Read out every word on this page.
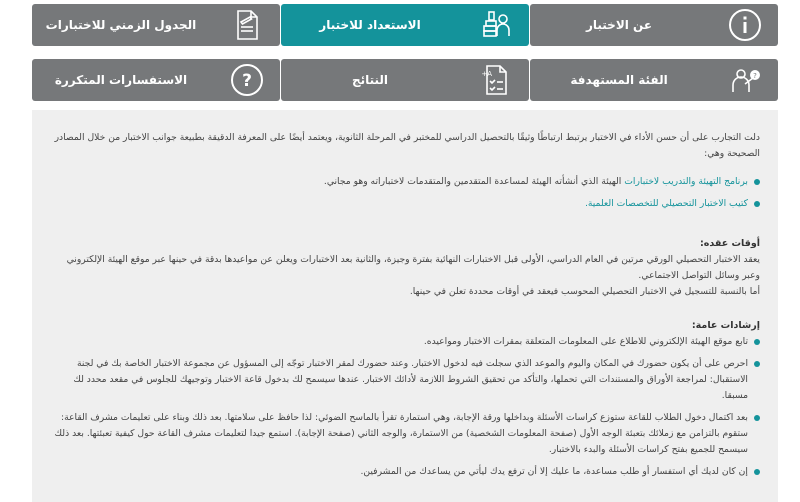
عن الاختبار
الاستعداد للاختبار
الجدول الزمني للاختبارات
?
الفئة المستهدفة
A+
النتائج
?
الاستفسارات المتكررة

دلت التجارب على أن حسن الأداء في الاختبار يرتبط ارتباطًا وثيقًا بالتحصيل الدراسي للمختبر في المرحلة الثانوية، ويعتمد أيضًا على المعرفة الدقيقة بطبيعة جوانب الاختبار من خلال المصادر الصحيحة وهي:

برنامج التهيئة والتدريب لاختبارات الهيئة الذي أنشأته الهيئة لمساعدة المتقدمين والمتقدمات لاختباراته وهو مجاني.
كتيب الاختبار التحصيلي للتخصصات العلمية.

أوقات عقده:

يعقد الاختبار التحصيلي الورقي مرتين في العام الدراسي، الأولى قبل الاختبارات النهائية بفترة وجيزة، والثانية بعد الاختبارات ويعلن عن مواعيدها بدقة في حينها عبر موقع الهيئة الإلكتروني وعبر وسائل التواصل الاجتماعي.

أما بالنسبة للتسجيل في الاختبار التحصيلي المحوسب فيعقد في أوقات محددة تعلن في حينها.

إرشادات عامة:

تابع موقع الهيئة الإلكتروني للاطلاع على المعلومات المتعلقة بمقرات الاختبار ومواعيده.
احرص على أن يكون حضورك في المكان واليوم والموعد الذي سجلت فيه لدخول الاختبار. وعند حضورك لمقر الاختبار توجّه إلى المسؤول عن مجموعة الاختبار الخاصة بك في لجنة الاستقبال: لمراجعة الأوراق والمستندات التي تحملها، والتأكد من تحقيق الشروط اللازمة لأدائك الاختبار. عندها سيسمح لك بدخول قاعة الاختبار وتوجيهك للجلوس في مقعد محدد لك مسبقا.
بعد اكتمال دخول الطلاب للقاعة ستوزع كراسات الأسئلة وبداخلها ورقة الإجابة، وهي استمارة تقرأ بالماسح الضوئي: لذا حافظ على سلامتها. بعد ذلك وبناء على تعليمات مشرف القاعة: ستقوم بالتزامن مع زملائك بتعبئة الوجه الأول (صفحة المعلومات الشخصية) من الاستمارة، والوجه الثاني (صفحة الإجابة). استمع جيدا لتعليمات مشرف القاعة حول كيفية تعبئتها. بعد ذلك سيسمح للجميع بفتح كراسات الأسئلة والبدء بالاختبار.
إن كان لديك أي استفسار أو طلب مساعدة، ما عليك إلا أن ترفع يدك ليأتي من يساعدك من المشرفين.
